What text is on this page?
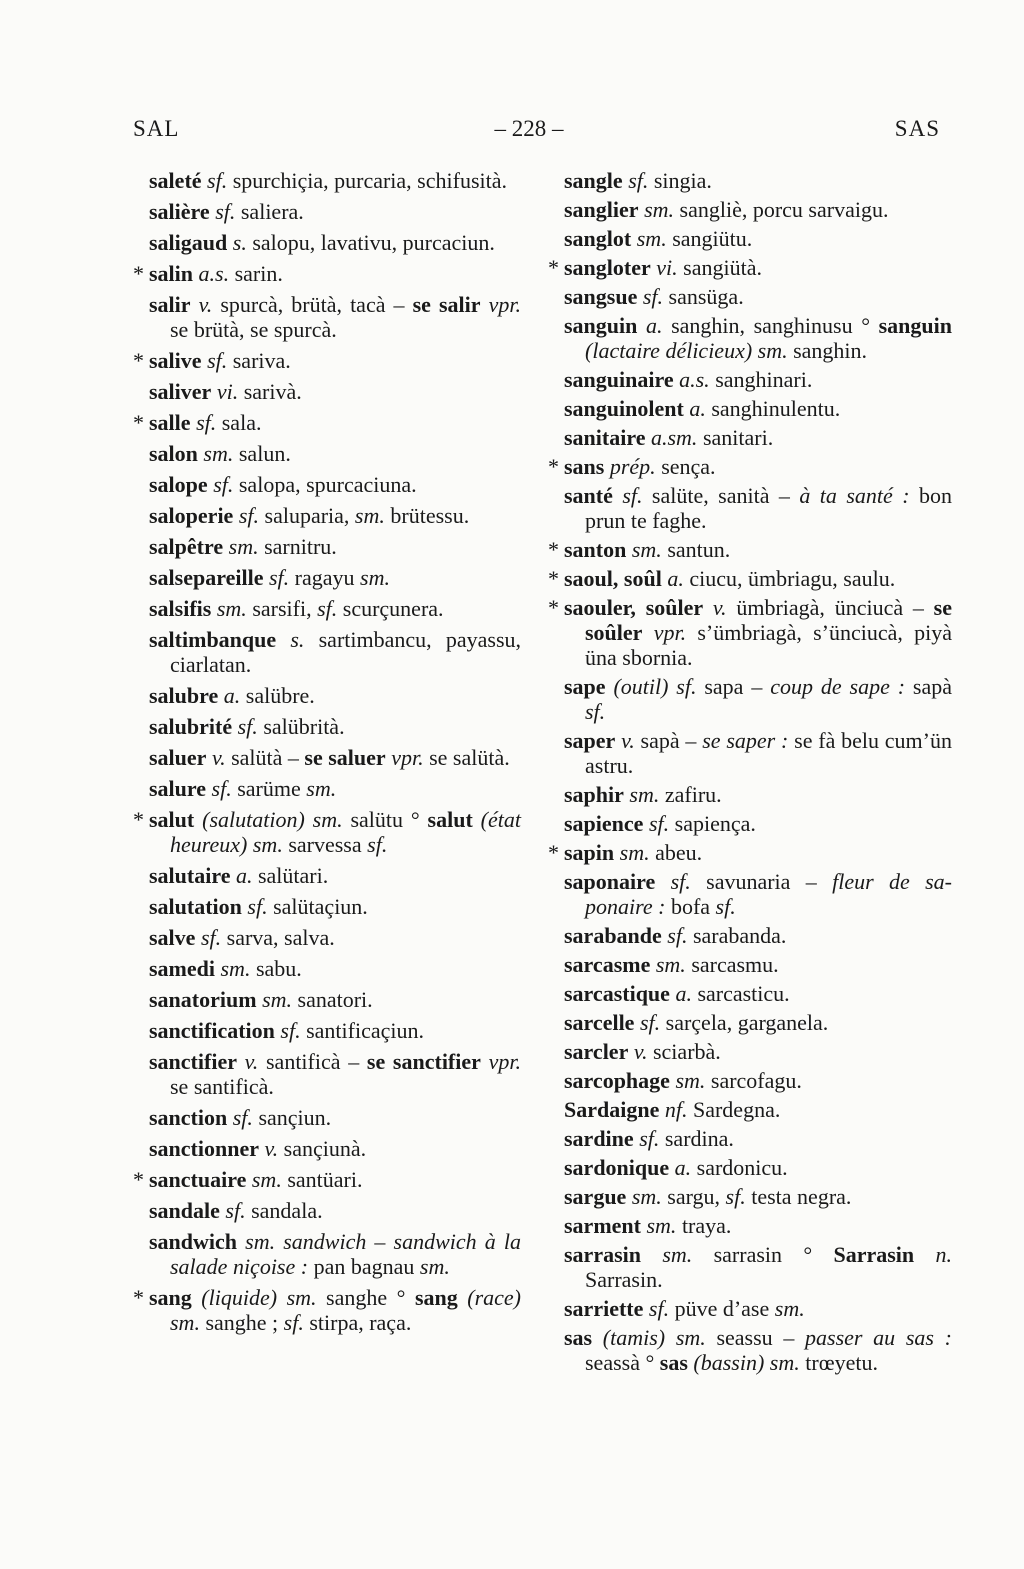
SAL	– 228 –	SAS

saleté sf. spurchiçia, purcaria, schifusità.

salière sf. saliera.

saligaud s. salopu, lavativu, purcaciun.

* salin a.s. sarin.

salir v. spurcà, brütà, tacà – se salir vpr. se brütà, se spurcà.

* salive sf. sariva.

saliver vi. sarivà.

* salle sf. sala.

salon sm. salun.

salope sf. salopa, spurcaciuna.

saloperie sf. saluparia, sm. brütessu.

salpêtre sm. sarnitru.

salsepareille sf. ragayu sm.

salsifis sm. sarsifi, sf. scurçunera.

saltimbanque s. sartimbancu, payassu, ciarlatan.

salubre a. salübre.

salubrité sf. salübrità.

saluer v. salütà – se saluer vpr. se salütà.

salure sf. sarüme sm.

* salut (salutation) sm. salütu ° salut (état heureux) sm. sarvessa sf.

salutaire a. salütari.

salutation sf. salütaçiun.

salve sf. sarva, salva.

samedi sm. sabu.

sanatorium sm. sanatori.

sanctification sf. santificaçiun.

sanctifier v. santificà – se sanctifier vpr. se santificà.

sanction sf. sançiun.

sanctionner v. sançiunà.

* sanctuaire sm. santüari.

sandale sf. sandala.

sandwich sm. sandwich – sandwich à la salade niçoise : pan bagnau sm.

* sang (liquide) sm. sanghe ° sang (race) sm. sanghe ; sf. stirpa, raça.

sangle sf. singia.

sanglier sm. sangliè, porcu sarvaigu.

sanglot sm. sangiütu.

* sangloter vi. sangiütà.

sangsue sf. sansüga.

sanguin a. sanghin, sanghinusu ° sanguin (lactaire délicieux) sm. sanghin.

sanguinaire a.s. sanghinari.

sanguinolent a. sanghinulentu.

sanitaire a.sm. sanitari.

* sans prép. sença.

santé sf. salüte, sanità – à ta santé : bon prun te faghe.

* santon sm. santun.

* saoul, soûl a. ciucu, ümbriagu, saulu.

* saouler, soûler v. ümbriagà, ünciucà – se soûler vpr. s’ümbriagà, s’ünciucà, piyà üna sbornia.

sape (outil) sf. sapa – coup de sape : sapà sf.

saper v. sapà – se saper : se fà belu cum’ün astru.

saphir sm. zafiru.

sapience sf. sapiença.

* sapin sm. abeu.

saponaire sf. savunaria – fleur de saponaire : bofa sf.

sarabande sf. sarabanda.

sarcasme sm. sarcasmu.

sarcastique a. sarcasticu.

sarcelle sf. sarçela, garganela.

sarcler v. sciarbà.

sarcophage sm. sarcofagu.

Sardaigne nf. Sardegna.

sardine sf. sardina.

sardonique a. sardonicu.

sargue sm. sargu, sf. testa negra.

sarment sm. traya.

sarrasin sm. sarrasin ° Sarrasin n. Sarrasin.

sarriette sf. püve d’ase sm.

sas (tamis) sm. seassu – passer au sas : seassà ° sas (bassin) sm. trœyetu.
